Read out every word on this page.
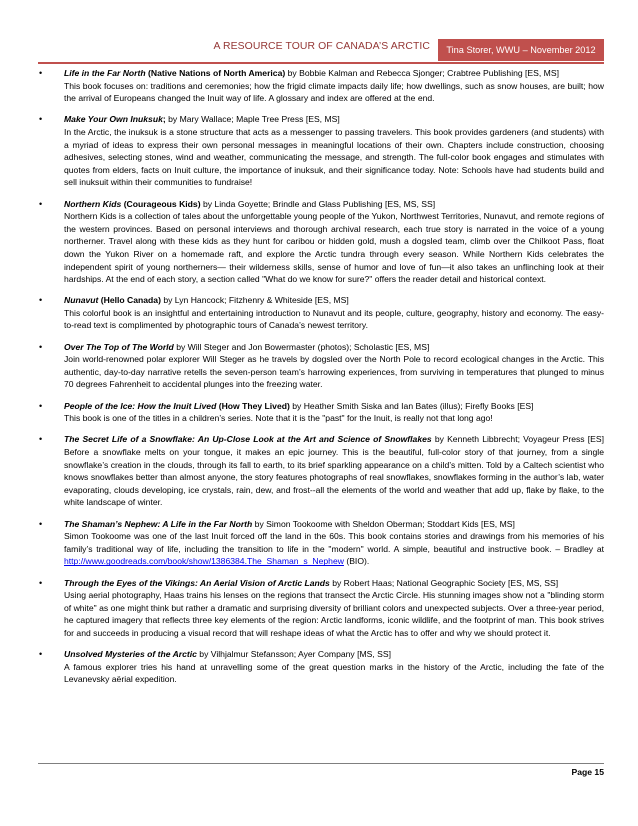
A RESOURCE TOUR OF CANADA’S ARCTIC	Tina Storer, WWU – November 2012
•	Life in the Far North (Native Nations of North America) by Bobbie Kalman and Rebecca Sjonger; Crabtree Publishing [ES, MS]
This book focuses on: traditions and ceremonies; how the frigid climate impacts daily life; how dwellings, such as snow houses, are built; how the arrival of Europeans changed the Inuit way of life. A glossary and index are offered at the end.
•	Make Your Own Inuksuk; by Mary Wallace; Maple Tree Press [ES, MS]
In the Arctic, the inuksuk is a stone structure that acts as a messenger to passing travelers. This book provides gardeners (and students) with a myriad of ideas to express their own personal messages in meaningful locations of their own. Chapters include construction, choosing adhesives, selecting stones, wind and weather, communicating the message, and strength. The full-color book engages and stimulates with quotes from elders, facts on Inuit culture, the importance of inuksuk, and their significance today. Note: Schools have had students build and sell inuksuit within their communities to fundraise!
•	Northern Kids (Courageous Kids) by Linda Goyette; Brindle and Glass Publishing [ES, MS, SS]
Northern Kids is a collection of tales about the unforgettable young people of the Yukon, Northwest Territories, Nunavut, and remote regions of the western provinces. Based on personal interviews and thorough archival research, each true story is narrated in the voice of a young northerner. Travel along with these kids as they hunt for caribou or hidden gold, mush a dogsled team, climb over the Chilkoot Pass, float down the Yukon River on a homemade raft, and explore the Arctic tundra through every season. While Northern Kids celebrates the independent spirit of young northerners— their wilderness skills, sense of humor and love of fun—it also takes an unflinching look at their hardships. At the end of each story, a section called "What do we know for sure?" offers the reader detail and historical context.
•	Nunavut (Hello Canada) by Lyn Hancock; Fitzhenry & Whiteside [ES, MS]
This colorful book is an insightful and entertaining introduction to Nunavut and its people, culture, geography, history and economy. The easy-to-read text is complimented by photographic tours of Canada’s newest territory.
•	Over The Top of The World by Will Steger and Jon Bowermaster (photos); Scholastic [ES, MS]
Join world-renowned polar explorer Will Steger as he travels by dogsled over the North Pole to record ecological changes in the Arctic. This authentic, day-to-day narrative retells the seven-person team’s harrowing experiences, from surviving in temperatures that plunged to minus 70 degrees Fahrenheit to accidental plunges into the freezing water.
•	People of the Ice: How the Inuit Lived (How They Lived) by Heather Smith Siska and Ian Bates (illus); Firefly Books [ES]
This book is one of the titles in a children’s series. Note that it is the "past" for the Inuit, is really not that long ago!
•	The Secret Life of a Snowflake: An Up-Close Look at the Art and Science of Snowflakes by Kenneth Libbrecht; Voyageur Press [ES] Before a snowflake melts on your tongue, it makes an epic journey. This is the beautiful, full-color story of that journey, from a single snowflake’s creation in the clouds, through its fall to earth, to its brief sparkling appearance on a child’s mitten. Told by a Caltech scientist who knows snowflakes better than almost anyone, the story features photographs of real snowflakes, snowflakes forming in the author’s lab, water evaporating, clouds developing, ice crystals, rain, dew, and frost--all the elements of the world and weather that add up, flake by flake, to the white landscape of winter.
•	The Shaman’s Nephew: A Life in the Far North by Simon Tookoome with Sheldon Oberman; Stoddart Kids [ES, MS]
Simon Tookoome was one of the last Inuit forced off the land in the 60s. This book contains stories and drawings from his memories of his family’s traditional way of life, including the transition to life in the "modern" world. A simple, beautiful and instructive book. – Bradley at http://www.goodreads.com/book/show/1386384.The_Shaman_s_Nephew (BIO).
•	Through the Eyes of the Vikings: An Aerial Vision of Arctic Lands by Robert Haas; National Geographic Society [ES, MS, SS]
Using aerial photography, Haas trains his lenses on the regions that transect the Arctic Circle. His stunning images show not a "blinding storm of white" as one might think but rather a dramatic and surprising diversity of brilliant colors and unexpected subjects. Over a three-year period, he captured imagery that reflects three key elements of the region: Arctic landforms, iconic wildlife, and the footprint of man. This book strives for and succeeds in producing a visual record that will reshape ideas of what the Arctic has to offer and why we should protect it.
•	Unsolved Mysteries of the Arctic by Vilhjalmur Stefansson; Ayer Company [MS, SS]
A famous explorer tries his hand at unravelling some of the great question marks in the history of the Arctic, including the fate of the Levanevsky aërial expedition.
Page 15
